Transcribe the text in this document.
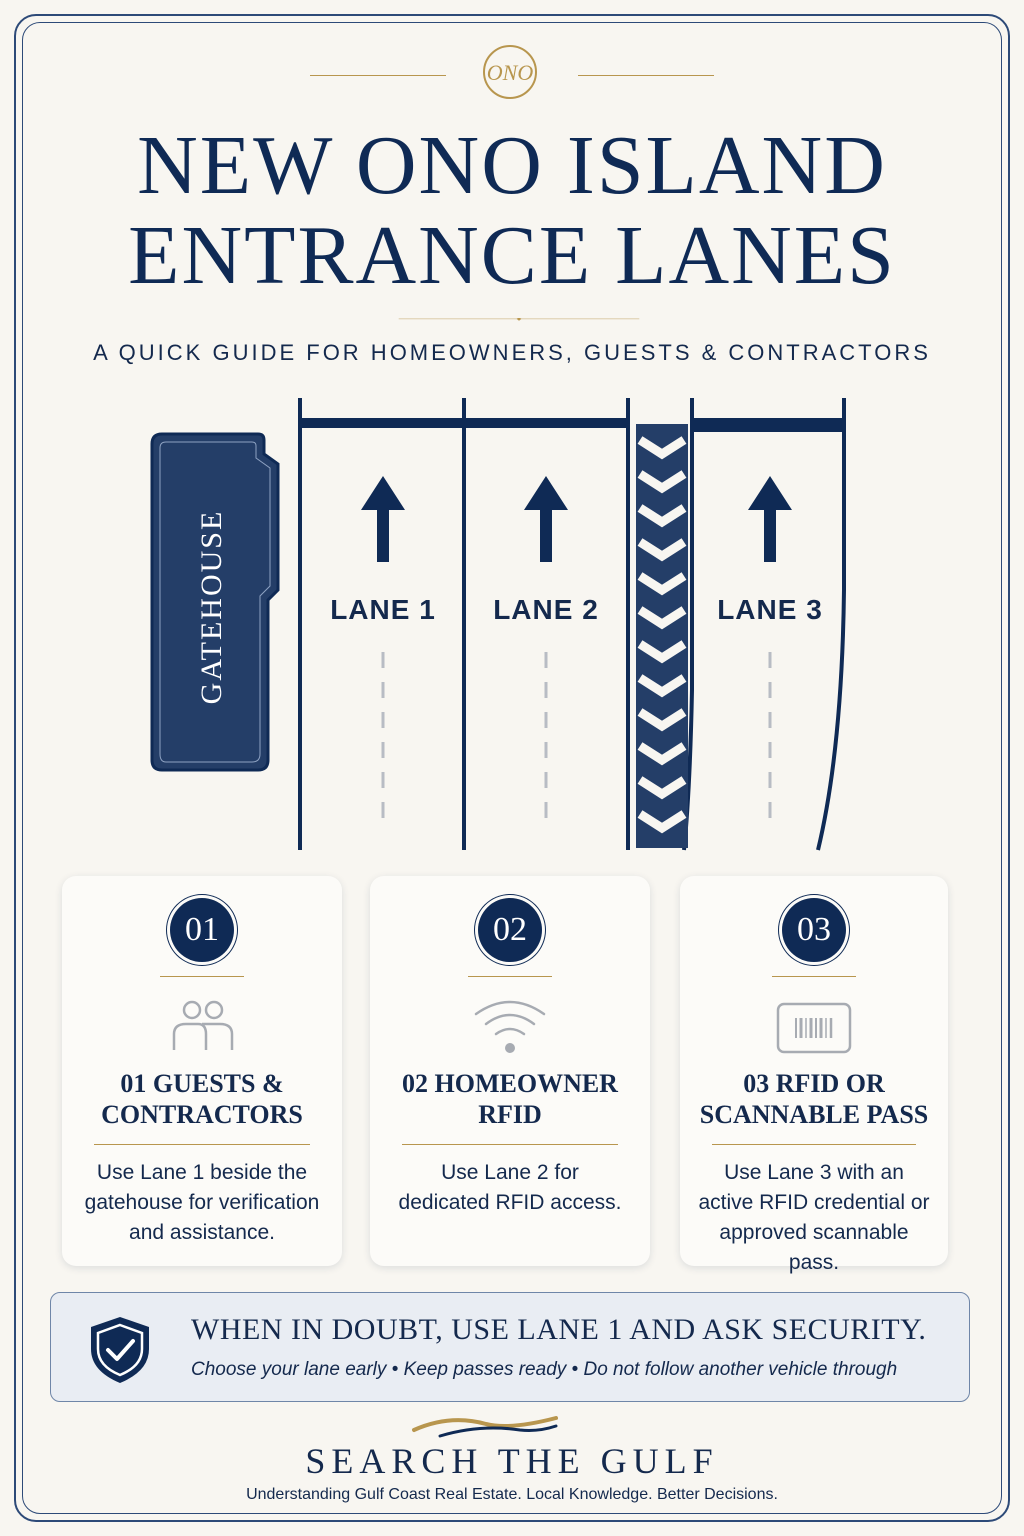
ONO
NEW ONO ISLAND
ENTRANCE LANES
A QUICK GUIDE FOR HOMEOWNERS, GUESTS & CONTRACTORS
GATEHOUSE	LANE 1	LANE 2	LANE 3
01
01 GUESTS &
CONTRACTORS
Use Lane 1 beside the
gatehouse for verification
and assistance.
02
02 HOMEOWNER
RFID
Use Lane 2 for
dedicated RFID access.
03
03 RFID OR
SCANNABLE PASS
Use Lane 3 with an
active RFID credential or
approved scannable pass.
WHEN IN DOUBT, USE LANE 1 AND ASK SECURITY.
Choose your lane early • Keep passes ready • Do not follow another vehicle through
SEARCH THE GULF
Understanding Gulf Coast Real Estate. Local Knowledge. Better Decisions.
